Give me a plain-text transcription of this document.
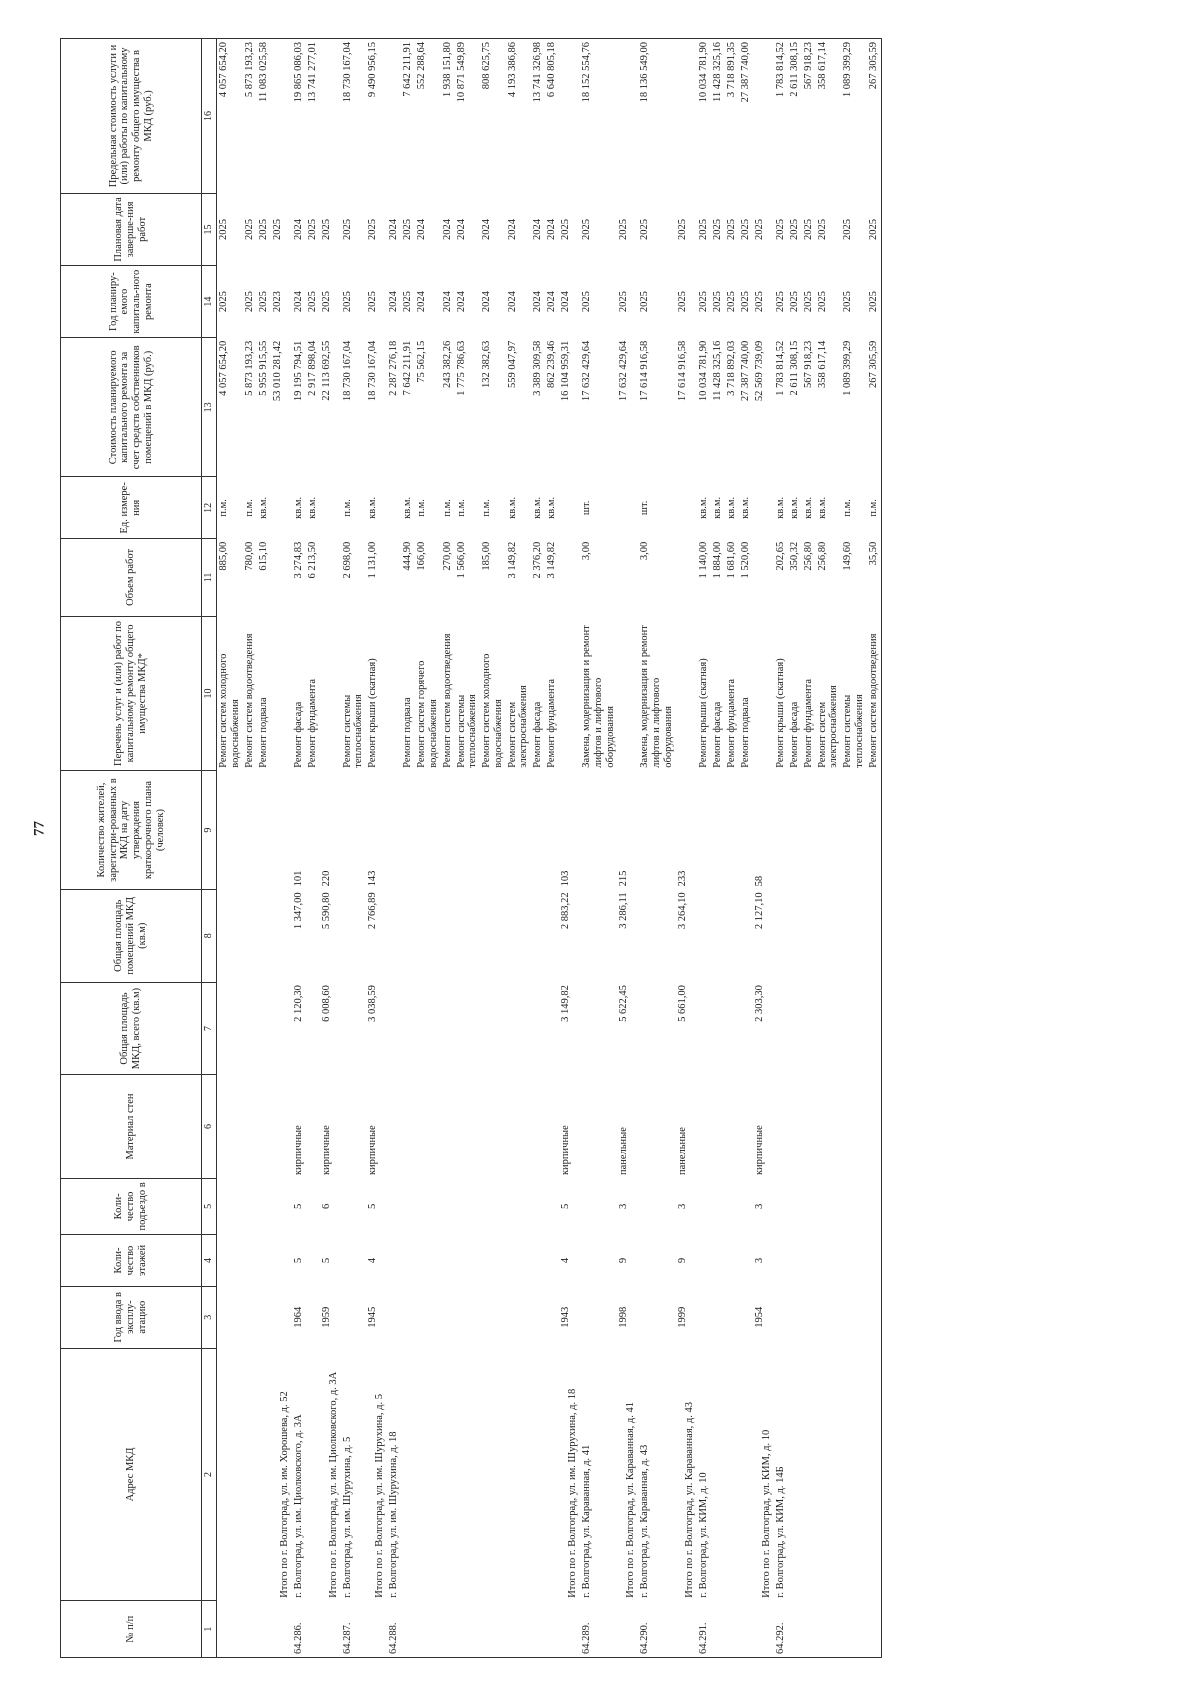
77
№ п/п	Адрес МКД	Год ввода в эксплу-атацию	Коли-чество этажей	Коли-чество подъездо в	Материал стен	Общая площадь МКД, всего (кв.м)	Общая площадь помещений МКД (кв.м)	Количество жителей, зарегистри-рованных в МКД на дату утверждения краткосрочного плана (человек)	Перечень услуг и (или) работ по капитальному ремонту общего имущества МКД*	Объем работ	Ед. измере-ния	Стоимость планируемого капитального ремонта за счет средств собственников помещений в МКД (руб.)	Год планиру-емого капиталь-ного ремонта	Плановая дата заверше-ния работ	Предельная стоимость услуги и (или) работы по капитальному ремонту общего имущества в МКД (руб.)
1	2	3	4	5	6	7	8	9	10	11	12	13	14	15	16
									Ремонт систем холодного водоснабжения	885,00	п.м.	4 057 654,20	2025	2025	4 057 654,20
									Ремонт систем водоотведения	780,00	п.м.	5 873 193,23	2025	2025	5 873 193,23
									Ремонт подвала	615,10	кв.м.	5 955 915,55	2025	2025	11 083 025,58
	Итого по г. Волгоград, ул. им. Хорошева, д. 52											53 010 281,42	2023	2025	
64.286.	г. Волгоград, ул. им. Циолковского, д. 3А	1964	5	5	кирпичные	2 120,30	1 347,00	101	Ремонт фасада	3 274,83	кв.м.	19 195 794,51	2024	2024	19 865 086,03
									Ремонт фундамента	6 213,50	кв.м.	2 917 898,04	2025	2025	13 741 277,01
	Итого по г. Волгоград, ул. им. Циолковского, д. 3А	1959	5	6	кирпичные	6 008,60	5 590,80	220				22 113 692,55	2025	2025	
64.287.	г. Волгоград, ул. им. Шурухина, д. 5								Ремонт системы теплоснабжения	2 698,00	п.м.	18 730 167,04	2025	2025	18 730 167,04
	Итого по г. Волгоград, ул. им. Шурухина, д. 5	1945	4	5	кирпичные	3 038,59	2 766,89	143	Ремонт крыши (скатная)	1 131,00	кв.м.	18 730 167,04	2025	2025	9 490 956,15
64.288.	г. Волгоград, ул. им. Шурухина, д. 18											2 287 276,18	2024	2024	
									Ремонт подвала	444,90	кв.м.	7 642 211,91	2025	2025	7 642 211,91
									Ремонт систем горячего водоснабжения	166,00	п.м.	75 562,15	2024	2024	552 288,64
									Ремонт систем водоотведения	270,00	п.м.	243 382,26	2024	2024	1 938 151,80
									Ремонт системы теплоснабжения	1 566,00	п.м.	1 775 786,63	2024	2024	10 871 549,89
									Ремонт систем холодного водоснабжения	185,00	п.м.	132 382,63	2024	2024	808 625,75
									Ремонт систем электроснабжения	3 149,82	кв.м.	559 047,97	2024	2024	4 193 386,86
									Ремонт фасада	2 376,20	кв.м.	3 389 309,58	2024	2024	13 741 326,98
									Ремонт фундамента	3 149,82	кв.м.	862 239,46	2024	2024	6 640 805,18
	Итого по г. Волгоград, ул. им. Шурухина, д. 18	1943	4	5	кирпичные	3 149,82	2 883,22	103				16 104 959,31	2024	2025	
64.289.	г. Волгоград, ул. Караванная, д. 41								Замена, модернизация и ремонт лифтов и лифтового оборудования	3,00	шт.	17 632 429,64	2025	2025	18 152 554,76
	Итого по г. Волгоград, ул. Караванная, д. 41	1998	9	3	панельные	5 622,45	3 286,11	215				17 632 429,64	2025	2025	
64.290.	г. Волгоград, ул. Караванная, д. 43								Замена, модернизация и ремонт лифтов и лифтового оборудования	3,00	шт.	17 614 916,58	2025	2025	18 136 549,00
	Итого по г. Волгоград, ул. Караванная, д. 43	1999	9	3	панельные	5 661,00	3 264,10	233				17 614 916,58	2025	2025	
64.291.	г. Волгоград, ул. КИМ, д. 10								Ремонт крыши (скатная)	1 140,00	кв.м.	10 034 781,90	2025	2025	10 034 781,90
									Ремонт фасада	1 884,00	кв.м.	11 428 325,16	2025	2025	11 428 325,16
									Ремонт фундамента	1 681,60	кв.м.	3 718 892,03	2025	2025	3 718 891,35
									Ремонт подвала	1 520,00	кв.м.	27 387 740,00	2025	2025	27 387 740,00
	Итого по г. Волгоград, ул. КИМ, д. 10	1954	3	3	кирпичные	2 303,30	2 127,10	58				52 569 739,09	2025	2025	
64.292.	г. Волгоград, ул. КИМ, д. 14Б								Ремонт крыши (скатная)	202,65	кв.м.	1 783 814,52	2025	2025	1 783 814,52
									Ремонт фасада	350,32	кв.м.	2 611 308,15	2025	2025	2 611 308,15
									Ремонт фундамента	256,80	кв.м.	567 918,23	2025	2025	567 918,23
									Ремонт систем электроснабжения	256,80	кв.м.	358 617,14	2025	2025	358 617,14
									Ремонт системы теплоснабжения	149,60	п.м.	1 089 399,29	2025	2025	1 089 399,29
									Ремонт систем водоотведения	35,50	п.м.	267 305,59	2025	2025	267 305,59
